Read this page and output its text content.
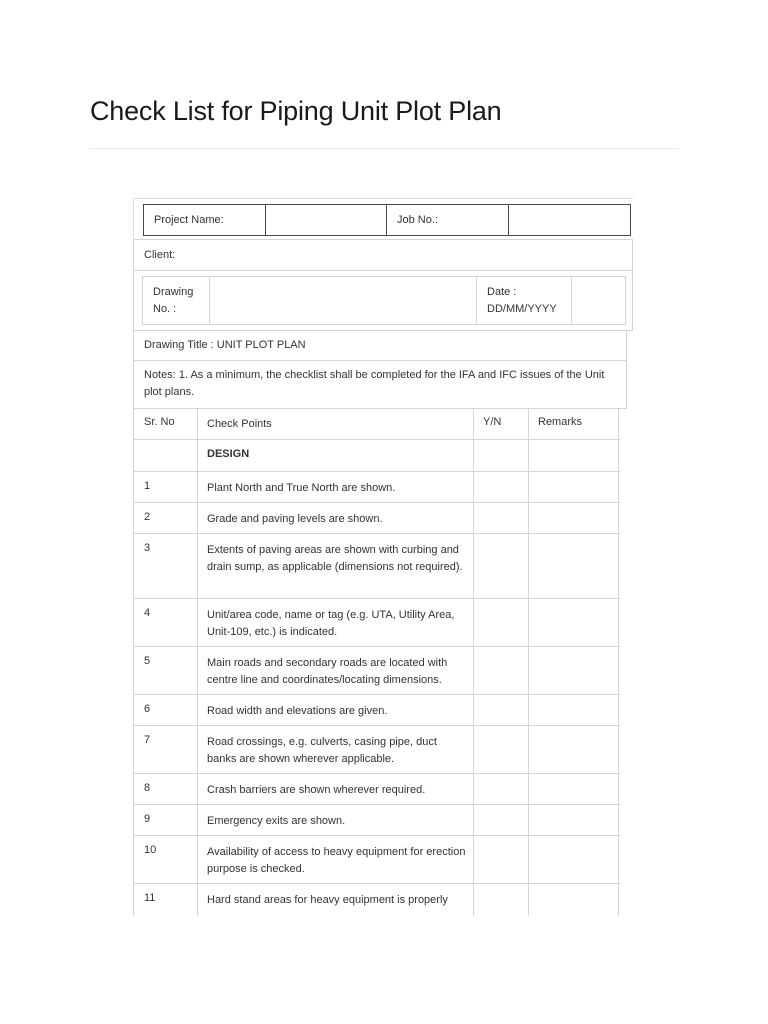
Check List for Piping Unit Plot Plan
Project Name:	Job No.:
Client:
Drawing No. :
Date : DD/MM/YYYY
Drawing Title : UNIT PLOT PLAN
Notes: 1. As a minimum, the checklist shall be completed for the IFA and IFC issues of the Unit plot plans.
Sr. No	Check Points	Y/N	Remarks
DESIGN
1	Plant North and True North are shown.
2	Grade and paving levels are shown.
3	Extents of paving areas are shown with curbing and drain sump, as applicable (dimensions not required).
4	Unit/area code, name or tag (e.g. UTA, Utility Area, Unit-109, etc.) is indicated.
5	Main roads and secondary roads are located with centre line and coordinates/locating dimensions.
6	Road width and elevations are given.
7	Road crossings, e.g. culverts, casing pipe, duct banks are shown wherever applicable.
8	Crash barriers are shown wherever required.
9	Emergency exits are shown.
10	Availability of access to heavy equipment for erection purpose is checked.
11	Hard stand areas for heavy equipment is properly
